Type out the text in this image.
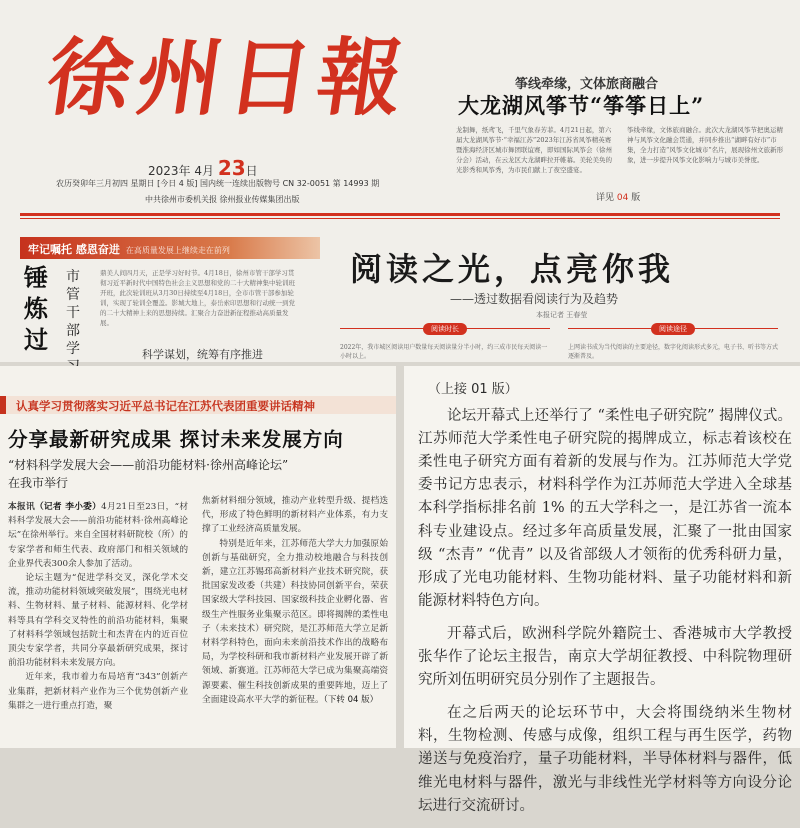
徐州日報
2023年 4月 23日
农历癸卯年三月初四 星期日 [今日 4 版] 国内统一连续出版物号 CN 32-0051 第 14993 期
中共徐州市委机关报 徐州报业传媒集团出版
筝线牵缘，文体旅商融合
大龙湖风筝节“筝筝日上”

龙制舞，纸鸢飞，千里气象春芳菲。4月21日起，第六届大龙湖风筝节·“幸福江苏”2023年江苏省风筝精英赛暨淮海经济区城市舞团联谊赛，即如国际风筝会（徐州分会）活动，在云龙区大龙湖畔拉开帷幕。美轮美奂的光影秀和风筝秀，为市民们献上了夜空盛宴。

筝线牵缘，文体旅商融合。此次大龙湖风筝节把奥运精神与风筝文化融会贯通，并同步推出“湖畔有好市”市集，全力打造“风筝文化城市”名片，展现徐州文旅新形象，进一步提升风筝文化影响力与城市美誉度。

详见 04 版
牢记嘱托 感恩奋进 在高质量发展上继续走在前列
锤炼过
市管干部学
鼎美人间四月天，正是学习好时节。4月18日，徐州市管干部学习贯彻习近平新时代中国特色社会主义思想和党的二十大精神集中轮训班开班，此次轮训班从3月30日持续至4月18日，全市市管干部参加轮训，实现了轮训全覆盖。影城大地上，泰岳索印思想和行动统一到党的二十大精神上来的思想持续。汇聚合力奋进新征程推动高质量发展。
科学谋划，统筹有序推进
阅读之光，点亮你我
——透过数据看阅读行为及趋势
本报记者 王春莹
阅读时长

2022年，我市城区阅读用户数量每天阅读量分半小时，约三成市民每天阅读一小时以上。

阅读途径

上网读书成为当代阅读的主要途径，数字化阅读形式多元，电子书、听书等方式逐渐普及。

认真学习贯彻落实习近平总书记在江苏代表团重要讲话精神
分享最新研究成果 探讨未来发展方向
“材料科学发展大会——前沿功能材料·徐州高峰论坛”
在我市举行

本报讯（记者 李小委）4月21日至23日，“材料科学发展大会——前沿功能材料·徐州高峰论坛”在徐州举行。来自全国材料研院校（所）的专家学者和师生代表、政府部门和相关领域的企业界代表300余人参加了活动。

论坛主题为“促进学科交叉，深化学术交流，推动功能材料领域突破发展”，围绕光电材料、生物材料、量子材料、能源材料、化学材料等具有学科交叉特性的前沿功能材料，集聚了材料科学领域包括院士和杰青在内的近百位顶尖专家学者，共同分享最新研究成果，探讨前沿功能材料未来发展方向。

近年来，我市着力布局培育“343”创新产业集群，把新材料产业作为三个优势创新产业集群之一进行重点打造，聚

焦新材料细分领域，推动产业转型升级、提档迭代，形成了特色鲜明的新材料产业体系，有力支撑了工业经济高质量发展。

特别是近年来，江苏师范大学大力加强原始创新与基础研究，全力推动校地融合与科技创新，建立江苏锡邳高新材料产业技术研究院，获批国家发改委（共建）科技协同创新平台，荣获国家级大学科技园、国家级科技企业孵化器、省级生产性服务业集聚示范区。即将揭牌的柔性电子（未来技术）研究院，是江苏师范大学立足新材料学科特色，面向未来前沿技术作出的战略布局，为学校科研和我市新材料产业发展开辟了新领域、新赛道。江苏师范大学已成为集聚高端资源要素、催生科技创新成果的重要阵地，迈上了全面建设高水平大学的新征程。（下转 04 版）

（上接 01 版）

论坛开幕式上还举行了 “柔性电子研究院” 揭牌仪式。江苏师范大学柔性电子研究院的揭牌成立，标志着该校在柔性电子研究方面有着新的发展与作为。江苏师范大学党委书记方忠表示，材料科学作为江苏师范大学进入全球基本科学指标排名前 1% 的五大学科之一，是江苏省一流本科专业建设点。经过多年高质量发展，汇聚了一批由国家级 “杰青” “优青” 以及省部级人才领衔的优秀科研力量，形成了光电功能材料、生物功能材料、量子功能材料和新能源材料特色方向。

开幕式后，欧洲科学院外籍院士、香港城市大学教授张华作了论坛主报告，南京大学胡征教授、中科院物理研究所刘伍明研究员分别作了主题报告。

在之后两天的论坛环节中，大会将围绕纳米生物材料，生物检测、传感与成像，组织工程与再生医学，药物递送与免疫治疗，量子功能材料，半导体材料与器件，低维光电材料与器件，激光与非线性光学材料等方向设分论坛进行交流研讨。
